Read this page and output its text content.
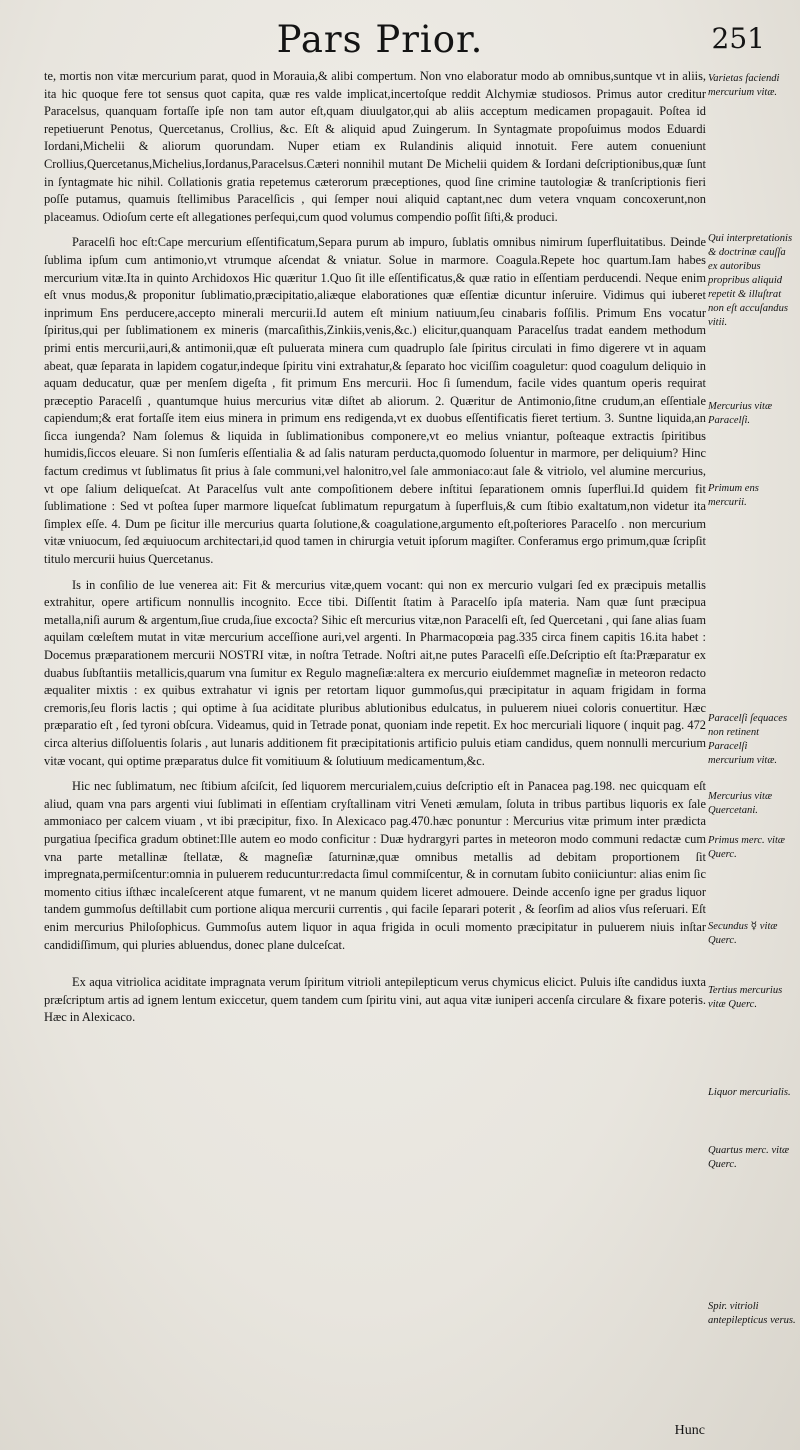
Pars Prior.	251

te, mortis non vitæ mercurium parat, quod in Morauia,& alibi compertum. Non vno elaboratur modo ab omnibus,suntque vt in aliis, ita hic quoque fere tot sensus quot capita, quæ res valde implicat,incertoſque reddit Alchymiæ studiosos. Primus autor creditur Paracelsus, quanquam fortaſſe ipſe non tam autor eſt,quam diuulgator,qui ab aliis acceptum medicamen propagauit. Poſtea id repetiuerunt Penotus, Quercetanus, Crollius, &c. Eſt & aliquid apud Zuingerum. In Syntagmate propoſuimus modos Eduardi Iordani,Michelii & aliorum quorundam. Nuper etiam ex Rulandinis aliquid innotuit. Fere autem conueniunt Crollius,Quercetanus,Michelius,Iordanus,Paracelsus.Cæteri nonnihil mutant De Michelii quidem & Iordani deſcriptionibus,quæ ſunt in ſyntagmate hic nihil. Collationis gratia repetemus cæterorum præceptiones, quod ſine crimine tautologiæ & tranſcriptionis fieri poſſe putamus, quamuis ſtellimibus Paracelſicis , qui ſemper noui aliquid captant,nec dum vetera vnquam concoxerunt,non placeamus. Odioſum certe eſt allegationes perſequi,cum quod volumus compendio poſſit ſiſti,& produci.

Paracelſi hoc eſt:Cape mercurium eſſentificatum,Separa purum ab impuro, ſublatis omnibus nimirum ſuperfluitatibus. Deinde ſublima ipſum cum antimonio,vt vtrumque aſcendat & vniatur. Solue in marmore. Coagula.Repete hoc quartum.Iam habes mercurium vitæ.Ita in quinto Archidoxos Hic quæritur 1.Quo ſit ille eſſentificatus,& quæ ratio in eſſentiam perducendi. Neque enim eſt vnus modus,& proponitur ſublimatio,præcipitatio,aliæque elaborationes quæ eſſentiæ dicuntur inſeruire. Vidimus qui iuberet inprimum Ens perducere,accepto minerali mercurii.Id autem eſt minium natiuum,ſeu cinabaris foſſilis. Primum Ens vocatur ſpiritus,qui per ſublimationem ex mineris (marcaſithis,Zinkiis,venis,&c.) elicitur,quanquam Paracelſus tradat eandem methodum primi entis mercurii,auri,& antimonii,quæ eſt puluerata minera cum quadruplo ſale ſpiritus circulati in fimo digerere vt in aquam abeat, quæ ſeparata in lapidem cogatur,indeque ſpiritu vini extrahatur,& ſeparato hoc viciſſim coaguletur: quod coagulum deliquio in aquam deducatur, quæ per menſem digeſta , fit primum Ens mercurii. Hoc ſi ſumendum, facile vides quantum operis requirat præceptio Paracelſi , quantumque huius mercurius vitæ diſtet ab aliorum. 2. Quæritur de Antimonio,ſitne crudum,an eſſentiale capiendum;& erat fortaſſe item eius minera in primum ens redigenda,vt ex duobus eſſentificatis fieret tertium. 3. Suntne liquida,an ſicca iungenda? Nam ſolemus & liquida in ſublimationibus componere,vt eo melius vniantur, poſteaque extractis ſpiritibus humidis,ſiccos eleuare. Si non ſumſeris eſſentialia & ad ſalis naturam perducta,quomodo ſoluentur in marmore, per deliquium? Hinc factum credimus vt ſublimatus ſit prius à ſale communi,vel halonitro,vel ſale ammoniaco:aut ſale & vitriolo, vel alumine mercurius, vt ope ſalium deliqueſcat. At Paracelſus vult ante compoſitionem debere inſtitui ſeparationem omnis ſuperflui.Id quidem fit ſublimatione : Sed vt poſtea ſuper marmore liqueſcat ſublimatum repurgatum à ſuperfluis,& cum ſtibio exaltatum,non videtur ita ſimplex eſſe. 4. Dum pe ſicitur ille mercurius quarta ſolutione,& coagulatione,argumento eſt,poſteriores Paracelſo . non mercurium vitæ vniuocum, ſed æquiuocum architectari,id quod tamen in chirurgia vetuit ipſorum magiſter. Conferamus ergo primum,quæ ſcripſit titulo mercurii huius Quercetanus.

Is in conſilio de lue venerea ait: Fit & mercurius vitæ,quem vocant: qui non ex mercurio vulgari ſed ex præcipuis metallis extrahitur, opere artificum nonnullis incognito. Ecce tibi. Diſſentit ſtatim à Paracelſo ipſa materia. Nam quæ ſunt præcipua metalla,niſi aurum & argentum,ſiue cruda,ſiue excocta? Sihic eſt mercurius vitæ,non Paracelſi eſt, ſed Quercetani , qui ſane alias ſuam aquilam cœleſtem mutat in vitæ mercurium acceſſione auri,vel argenti. In Pharmacopœia pag.335 circa finem capitis 16.ita habet : Docemus præparationem mercurii NOSTRI vitæ, in noſtra Tetrade. Noſtri ait,ne putes Paracelſi eſſe.Deſcriptio eſt ſta:Præparatur ex duabus ſubſtantiis metallicis,quarum vna ſumitur ex Regulo magneſiæ:altera ex mercurio eiuſdemmet magneſiæ in meteoron redacto æqualiter mixtis : ex quibus extrahatur vi ignis per retortam liquor gummoſus,qui præcipitatur in aquam frigidam in forma cremoris,ſeu floris lactis ; qui optime à ſua aciditate pluribus ablutionibus edulcatus, in puluerem niuei coloris conuertitur. Hæc præparatio eſt , ſed tyroni obſcura. Videamus, quid in Tetrade ponat, quoniam inde repetit. Ex hoc mercuriali liquore ( inquit pag. 472 circa alterius diſſoluentis ſolaris , aut lunaris additionem fit præcipitationis artificio puluis etiam candidus, quem nonnulli mercurium vitæ vocant, qui optime præparatus dulce fit vomitiuum & ſolutiuum medicamentum,&c.

Hic nec ſublimatum, nec ſtibium aſciſcit, ſed liquorem mercurialem,cuius deſcriptio eſt in Panacea pag.198. nec quicquam eſt aliud, quam vna pars argenti viui ſublimati in eſſentiam cryſtallinam vitri Veneti æmulam, ſoluta in tribus partibus liquoris ex ſale ammoniaco per calcem viuam , vt ibi præcipitur, fixo. In Alexicaco pag.470.hæc ponuntur : Mercurius vitæ primum inter prædicta purgatiua ſpecifica gradum obtinet:Ille autem eo modo conficitur : Duæ hydrargyri partes in meteoron modo communi redactæ cum vna parte metallinæ ſtellatæ, & magneſiæ ſaturninæ,quæ omnibus metallis ad debitam proportionem ſit impregnata,permiſcentur:omnia in puluerem reducuntur:redacta ſimul commiſcentur, & in cornutam ſubito coniiciuntur: alias enim ſic momento citius iſthæc incaleſcerent atque fumarent, vt ne manum quidem liceret admouere. Deinde accenſo igne per gradus liquor tandem gummoſus deſtillabit cum portione aliqua mercurii currentis , qui facile ſeparari poterit , & ſeorſim ad alios vſus reſeruari. Eſt enim mercurius Philoſophicus. Gummoſus autem liquor in aqua frigida in oculi momento præcipitatur in puluerem niuis inſtar candidiſſimum, qui pluries abluendus, donec plane dulceſcat.

Ex aqua vitriolica aciditate impragnata verum ſpiritum vitrioli antepilepticum verus chymicus elicict. Puluis iſte candidus iuxta præſcriptum artis ad ignem lentum exiccetur, quem tandem cum ſpiritu vini, aut aqua vitæ iuniperi accenſa circulare & fixare poteris. Hæc in Alexicaco.

Varietas faciendi mercurium vitæ.
Qui interpretationis & doctrinæ cauſſa ex autoribus propribus aliquid repetit & illuſtrat non eſt accuſandus vitii.
Mercurius vitæ Paracelſi.
Primum ens mercurii.
Paracelſi ſequaces non retinent Paracelſi mercurium vitæ.
Mercurius vitæ Quercetani.
Primus merc. vitæ Querc.
Secundus ☿ vitæ Querc.
Tertius mercurius vitæ Querc.
Liquor mercurialis.
Quartus merc. vitæ Querc.
Spir. vitrioli antepilepticus verus.
Hunc
